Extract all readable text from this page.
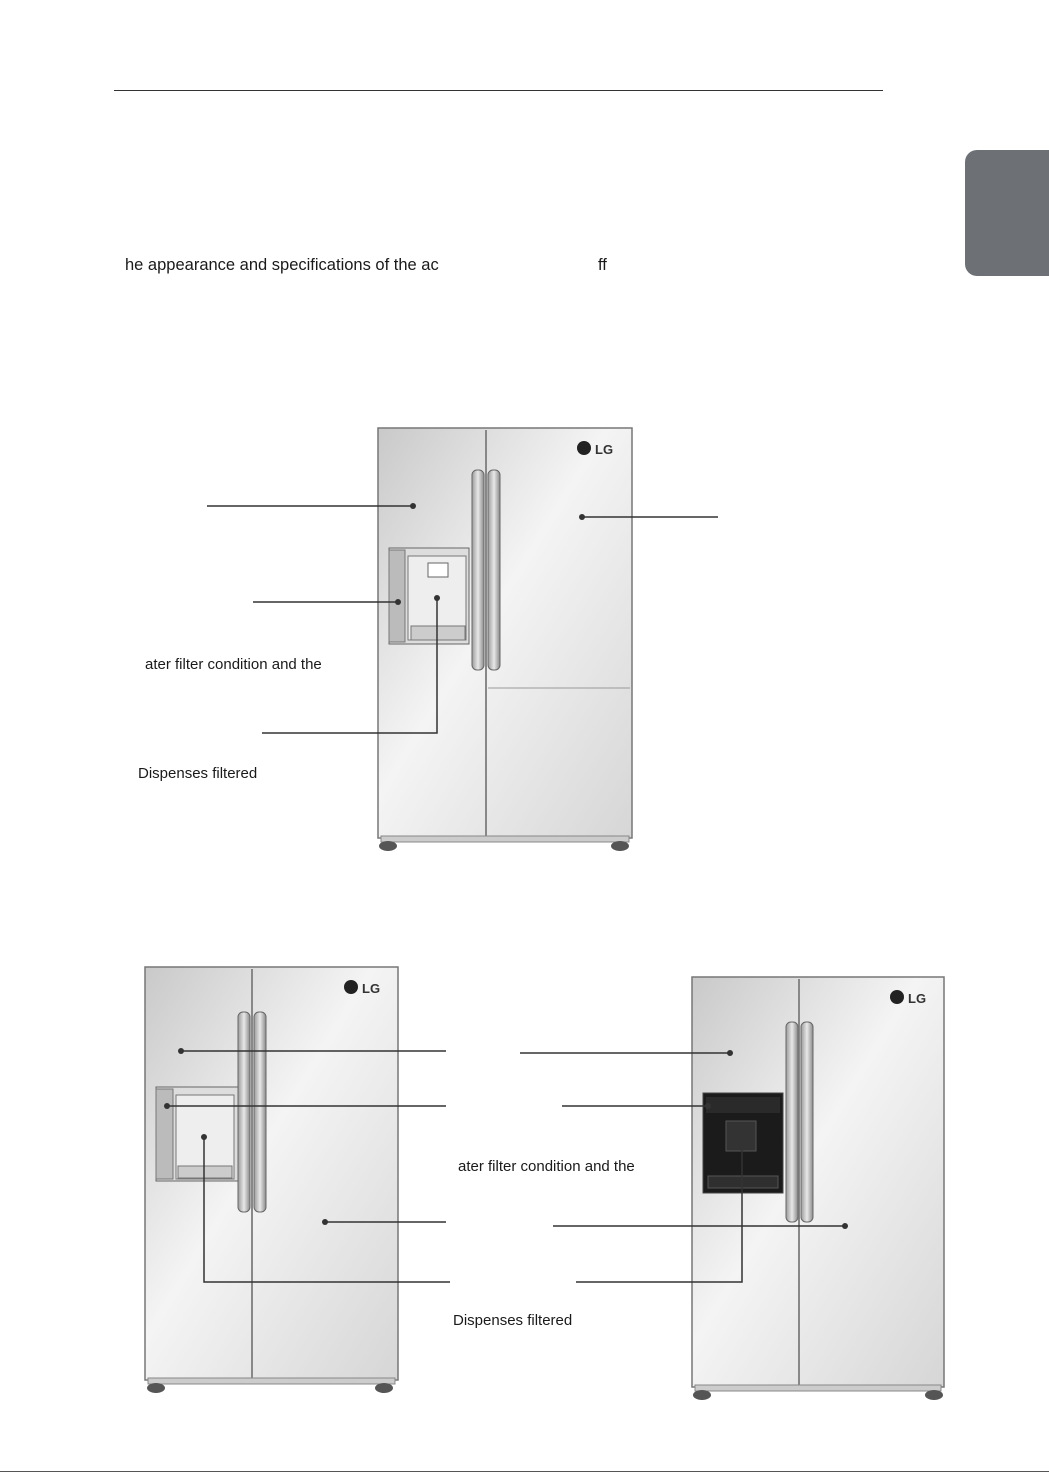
he appearance and specifications of the ac	ff
ater filter condition and the
Dispenses filtered
ater filter condition and the
Dispenses filtered
LG
LG
LG
